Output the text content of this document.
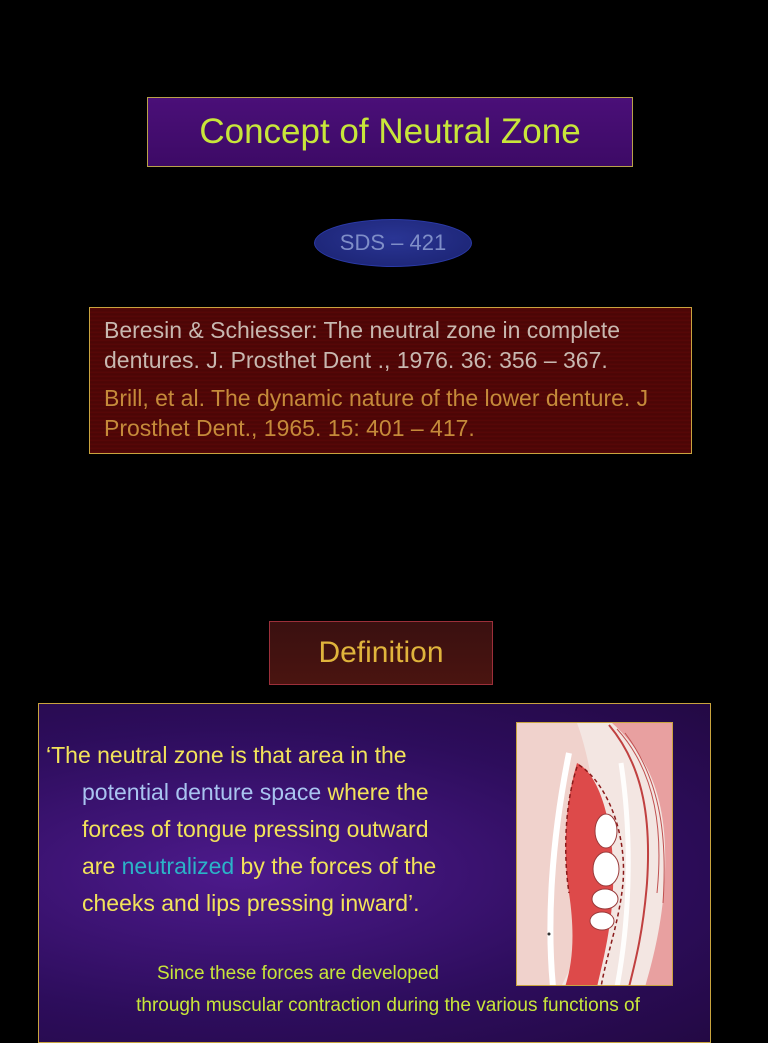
Concept of Neutral Zone
SDS – 421

Beresin & Schiesser: The neutral zone in complete dentures. J. Prosthet Dent ., 1976. 36: 356 – 367.

Brill, et al. The dynamic nature of the lower denture. J Prosthet Dent., 1965. 15: 401 – 417.

Definition
‘The neutral zone is that area in the
potential denture space where the
forces of tongue pressing outward
are neutralized by the forces of the
cheeks and lips pressing inward’.
Since these forces are developed
through muscular contraction during the various functions of
